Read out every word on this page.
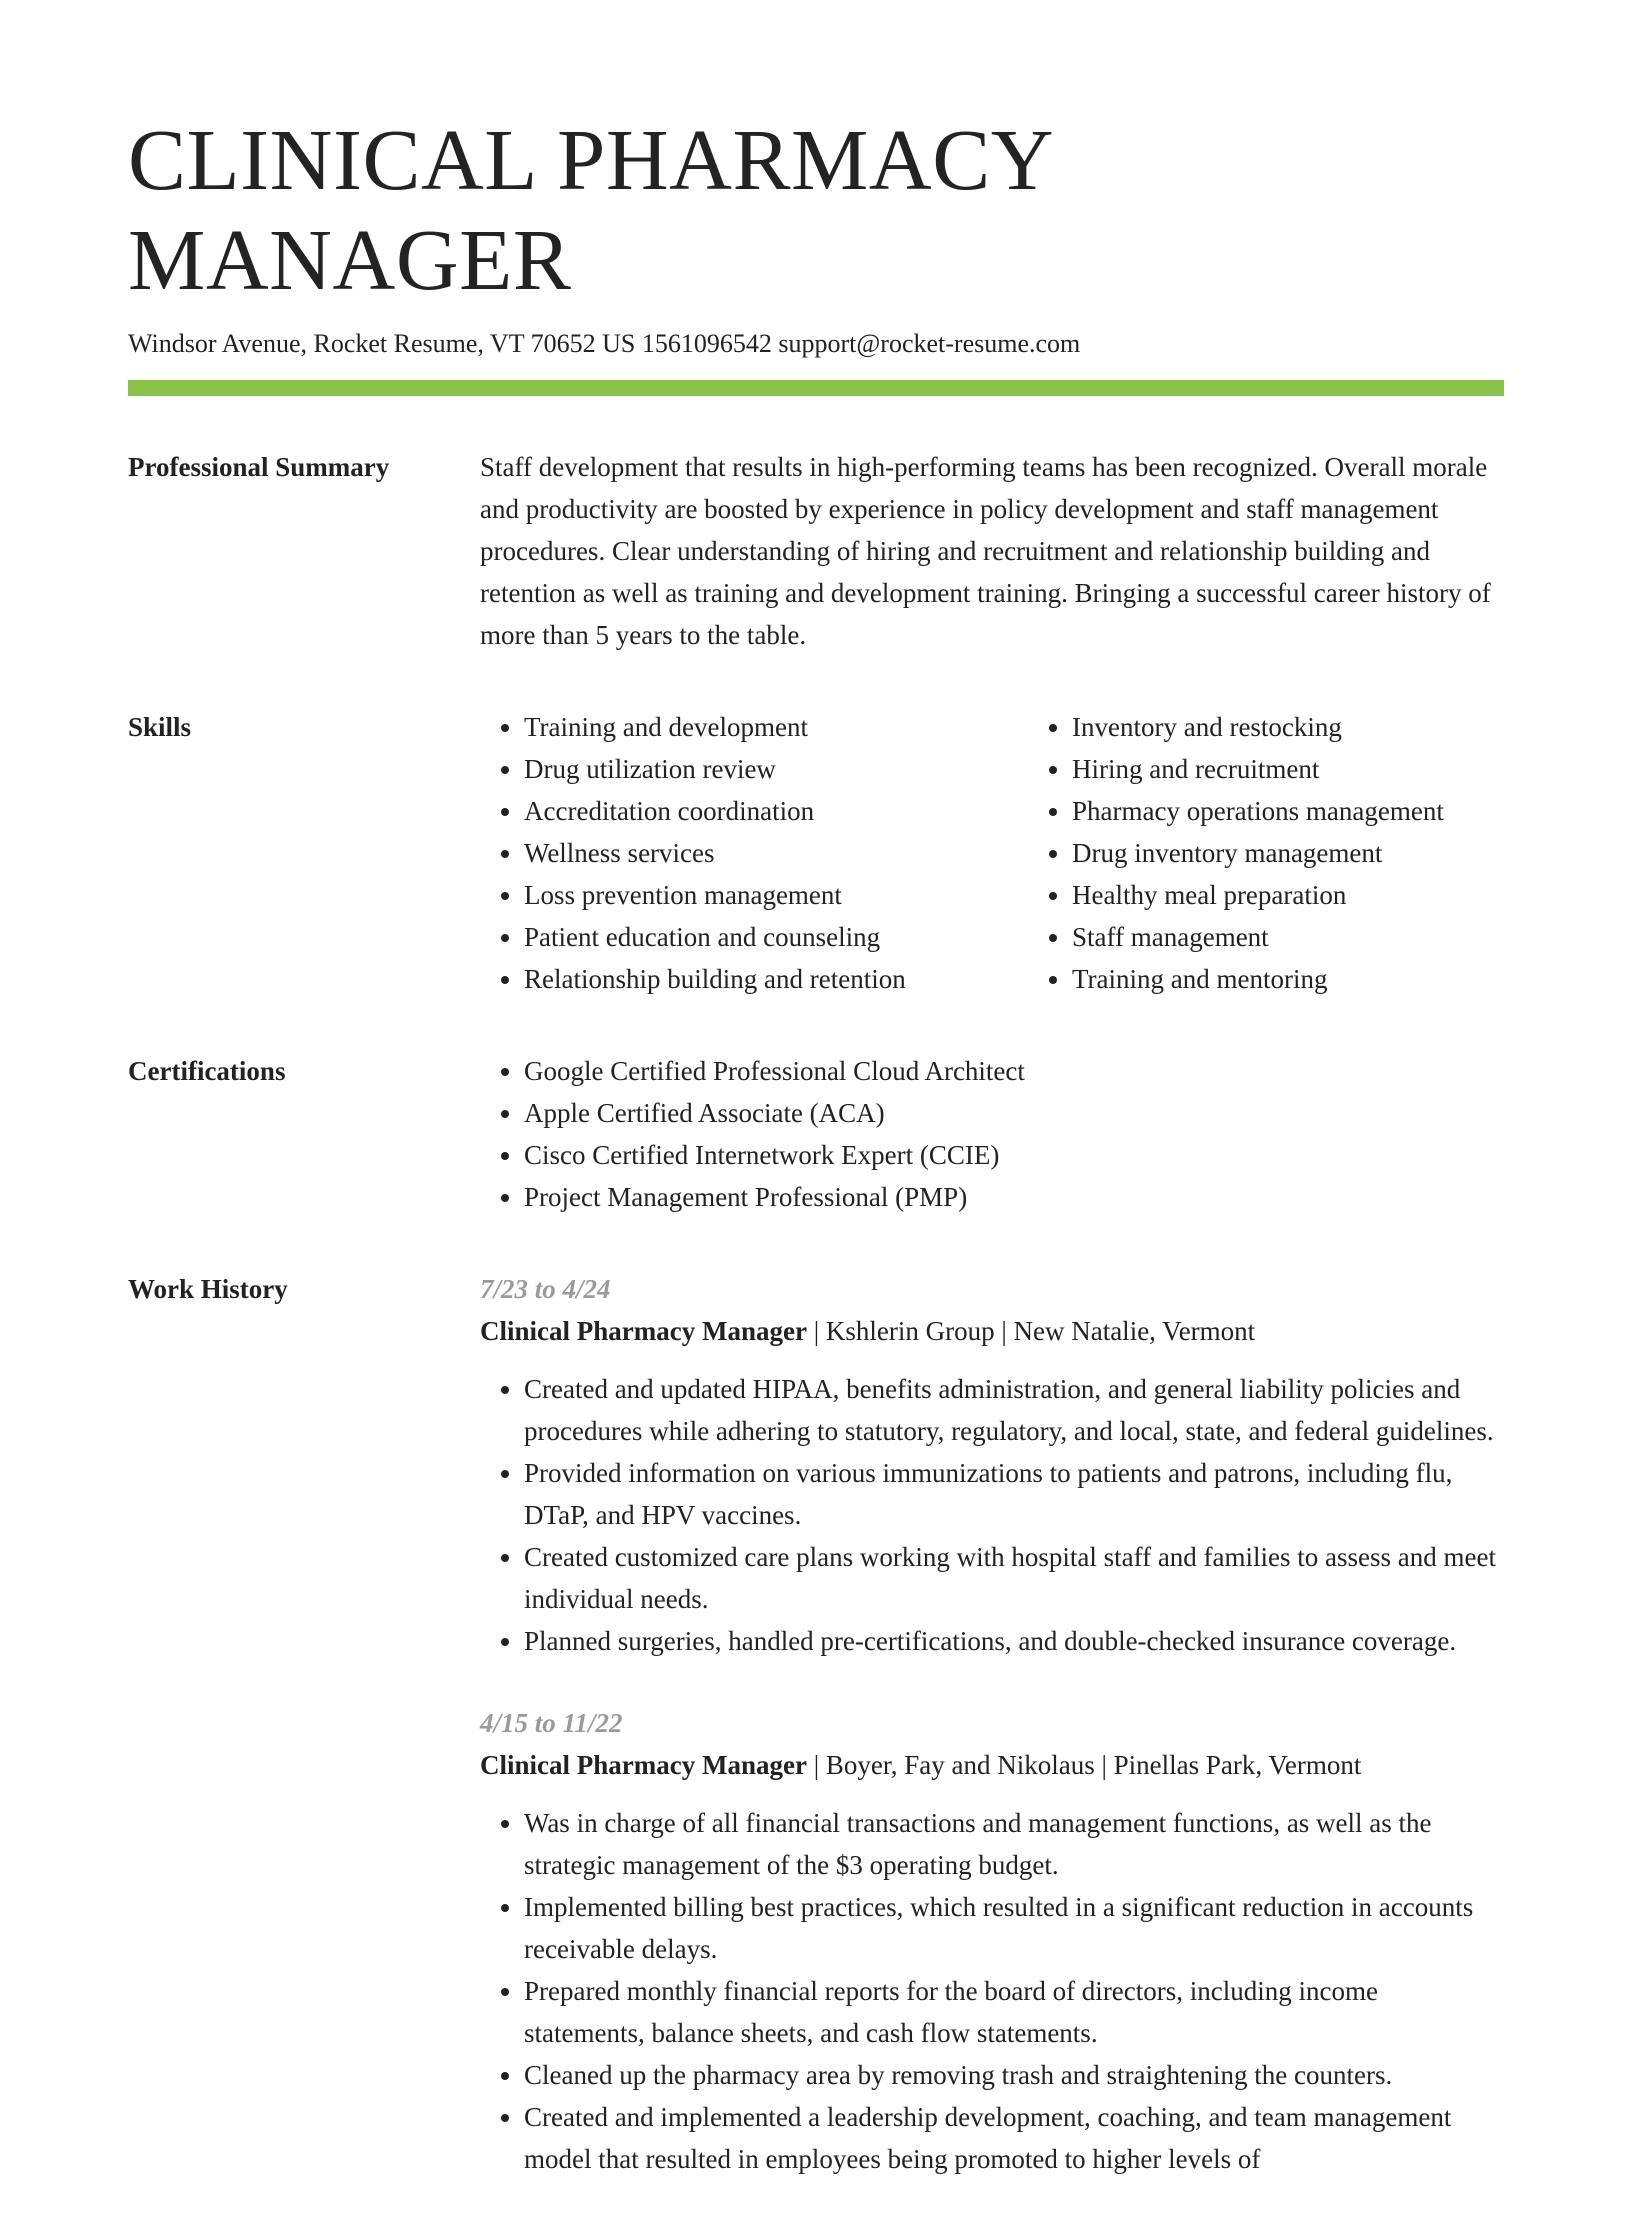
CLINICAL PHARMACY MANAGER
Windsor Avenue, Rocket Resume, VT 70652 US 1561096542 support@rocket-resume.com
Professional Summary	Staff development that results in high-performing teams has been recognized. Overall morale and productivity are boosted by experience in policy development and staff management procedures. Clear understanding of hiring and recruitment and relationship building and retention as well as training and development training. Bringing a successful career history of more than 5 years to the table.

Skills	• Training and development
• Drug utilization review
• Accreditation coordination
• Wellness services
• Loss prevention management
• Patient education and counseling
• Relationship building and retention
• Inventory and restocking
• Hiring and recruitment
• Pharmacy operations management
• Drug inventory management
• Healthy meal preparation
• Staff management
• Training and mentoring
Certifications	• Google Certified Professional Cloud Architect
• Apple Certified Associate (ACA)
• Cisco Certified Internetwork Expert (CCIE)
• Project Management Professional (PMP)
Work History	7/23 to 4/24
Clinical Pharmacy Manager | Kshlerin Group | New Natalie, Vermont
• Created and updated HIPAA, benefits administration, and general liability policies and procedures while adhering to statutory, regulatory, and local, state, and federal guidelines.
• Provided information on various immunizations to patients and patrons, including flu, DTaP, and HPV vaccines.
• Created customized care plans working with hospital staff and families to assess and meet individual needs.
• Planned surgeries, handled pre-certifications, and double-checked insurance coverage.
4/15 to 11/22
Clinical Pharmacy Manager | Boyer, Fay and Nikolaus | Pinellas Park, Vermont
• Was in charge of all financial transactions and management functions, as well as the strategic management of the $3 operating budget.
• Implemented billing best practices, which resulted in a significant reduction in accounts receivable delays.
• Prepared monthly financial reports for the board of directors, including income statements, balance sheets, and cash flow statements.
• Cleaned up the pharmacy area by removing trash and straightening the counters.
• Created and implemented a leadership development, coaching, and team management model that resulted in employees being promoted to higher levels of
